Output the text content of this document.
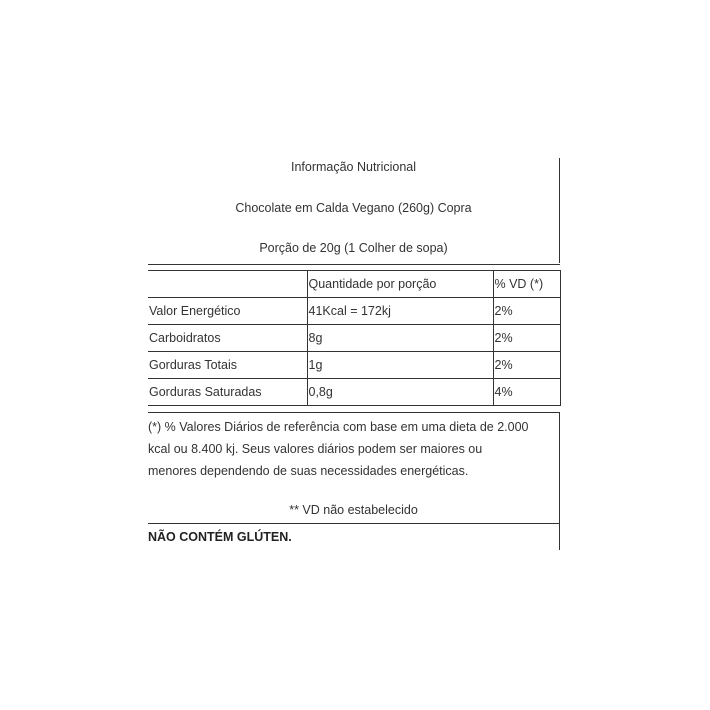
Informação Nutricional
Chocolate em Calda Vegano (260g) Copra
Porção de 20g (1 Colher de sopa)
	Quantidade por porção	% VD (*)
Valor Energético	41Kcal = 172kj	2%
Carboidratos	8g	2%
Gorduras Totais	1g	2%
Gorduras Saturadas	0,8g	4%
(*) % Valores Diários de referência com base em uma dieta de 2.000
kcal ou 8.400 kj. Seus valores diários podem ser maiores ou
menores dependendo de suas necessidades energéticas.
** VD não estabelecido
NÃO CONTÉM GLÚTEN.
